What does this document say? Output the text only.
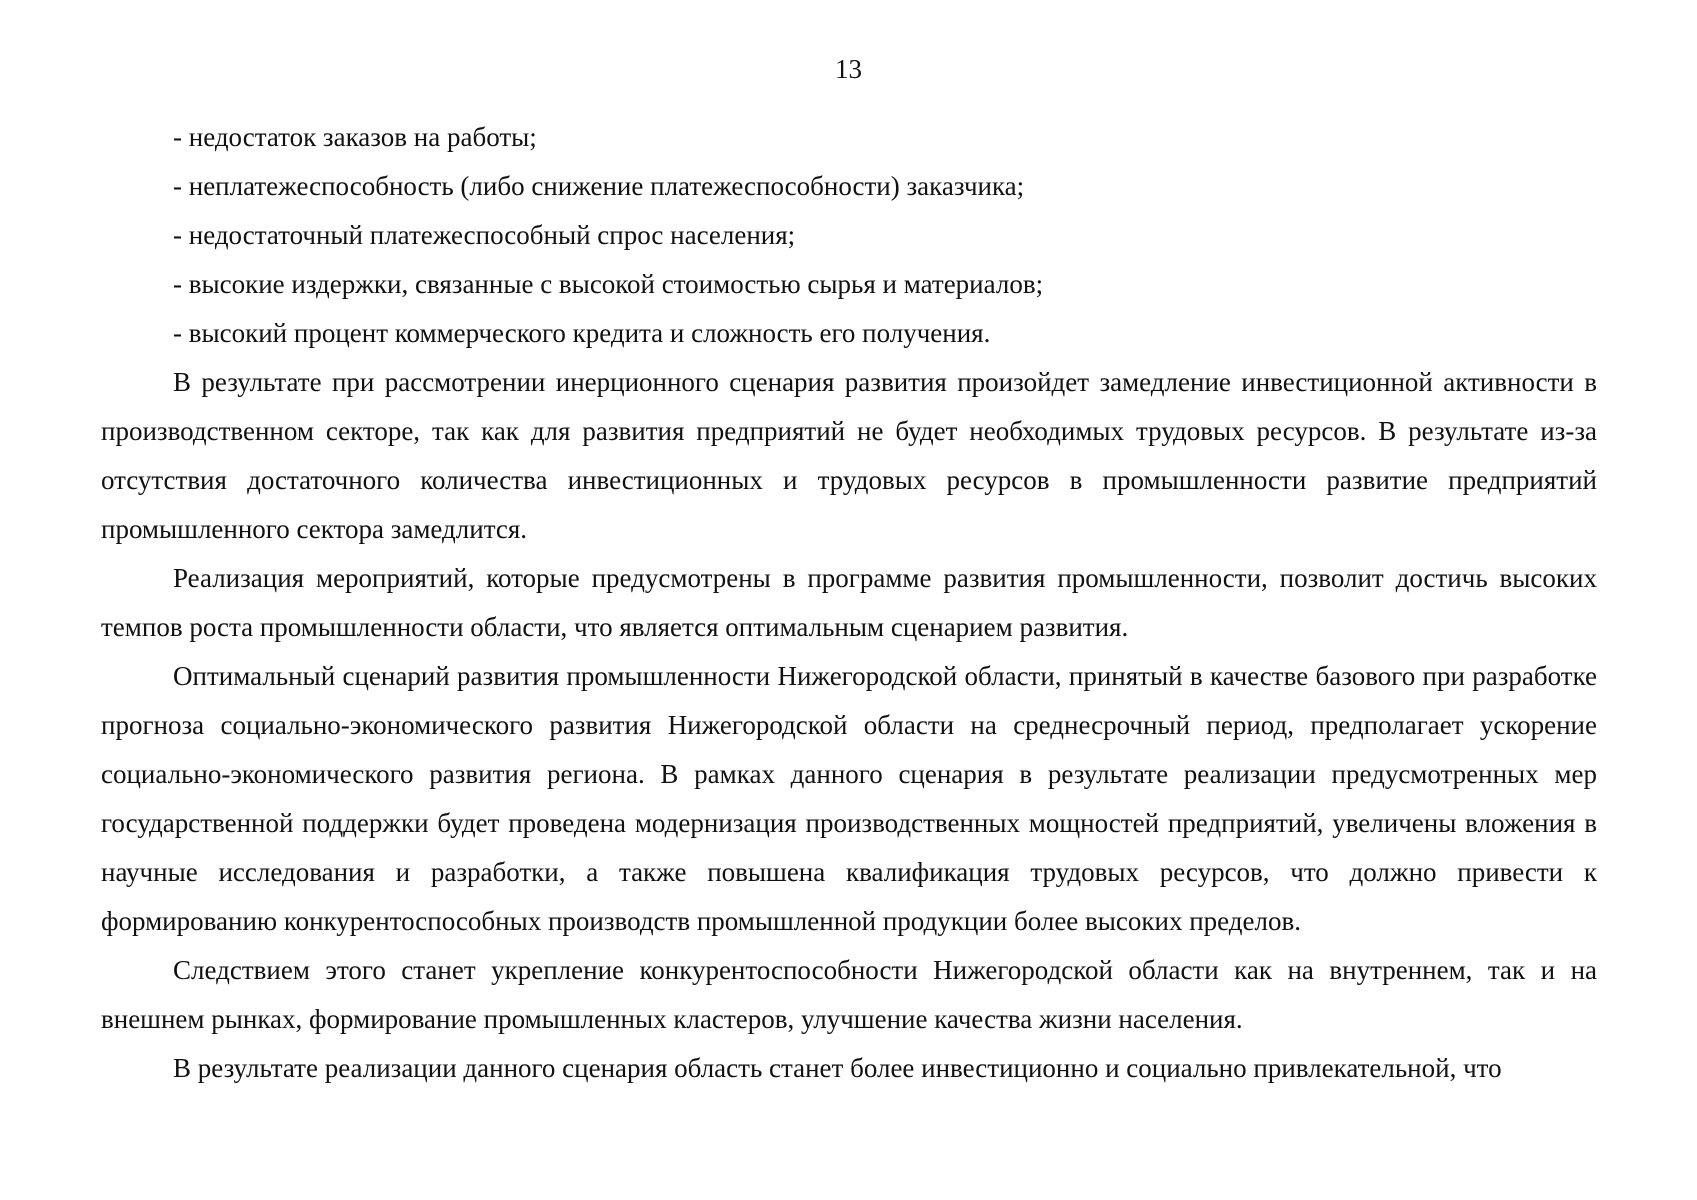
13

- недостаток заказов на работы;

- неплатежеспособность (либо снижение платежеспособности) заказчика;

- недостаточный платежеспособный спрос населения;

- высокие издержки, связанные с высокой стоимостью сырья и материалов;

- высокий процент коммерческого кредита и сложность его получения.

В результате при рассмотрении инерционного сценария развития произойдет замедление инвестиционной активности в производственном секторе, так как для развития предприятий не будет необходимых трудовых ресурсов. В результате из-за отсутствия достаточного количества инвестиционных и трудовых ресурсов в промышленности развитие предприятий промышленного сектора замедлится.

Реализация мероприятий, которые предусмотрены в программе развития промышленности, позволит достичь высоких темпов роста промышленности области, что является оптимальным сценарием развития.

Оптимальный сценарий развития промышленности Нижегородской области, принятый в качестве базового при разработке прогноза социально-экономического развития Нижегородской области на среднесрочный период, предполагает ускорение социально-экономического развития региона. В рамках данного сценария в результате реализации предусмотренных мер государственной поддержки будет проведена модернизация производственных мощностей предприятий, увеличены вложения в научные исследования и разработки, а также повышена квалификация трудовых ресурсов, что должно привести к формированию конкурентоспособных производств промышленной продукции более высоких пределов.

Следствием этого станет укрепление конкурентоспособности Нижегородской области как на внутреннем, так и на внешнем рынках, формирование промышленных кластеров, улучшение качества жизни населения.

В результате реализации данного сценария область станет более инвестиционно и социально привлекательной, что
